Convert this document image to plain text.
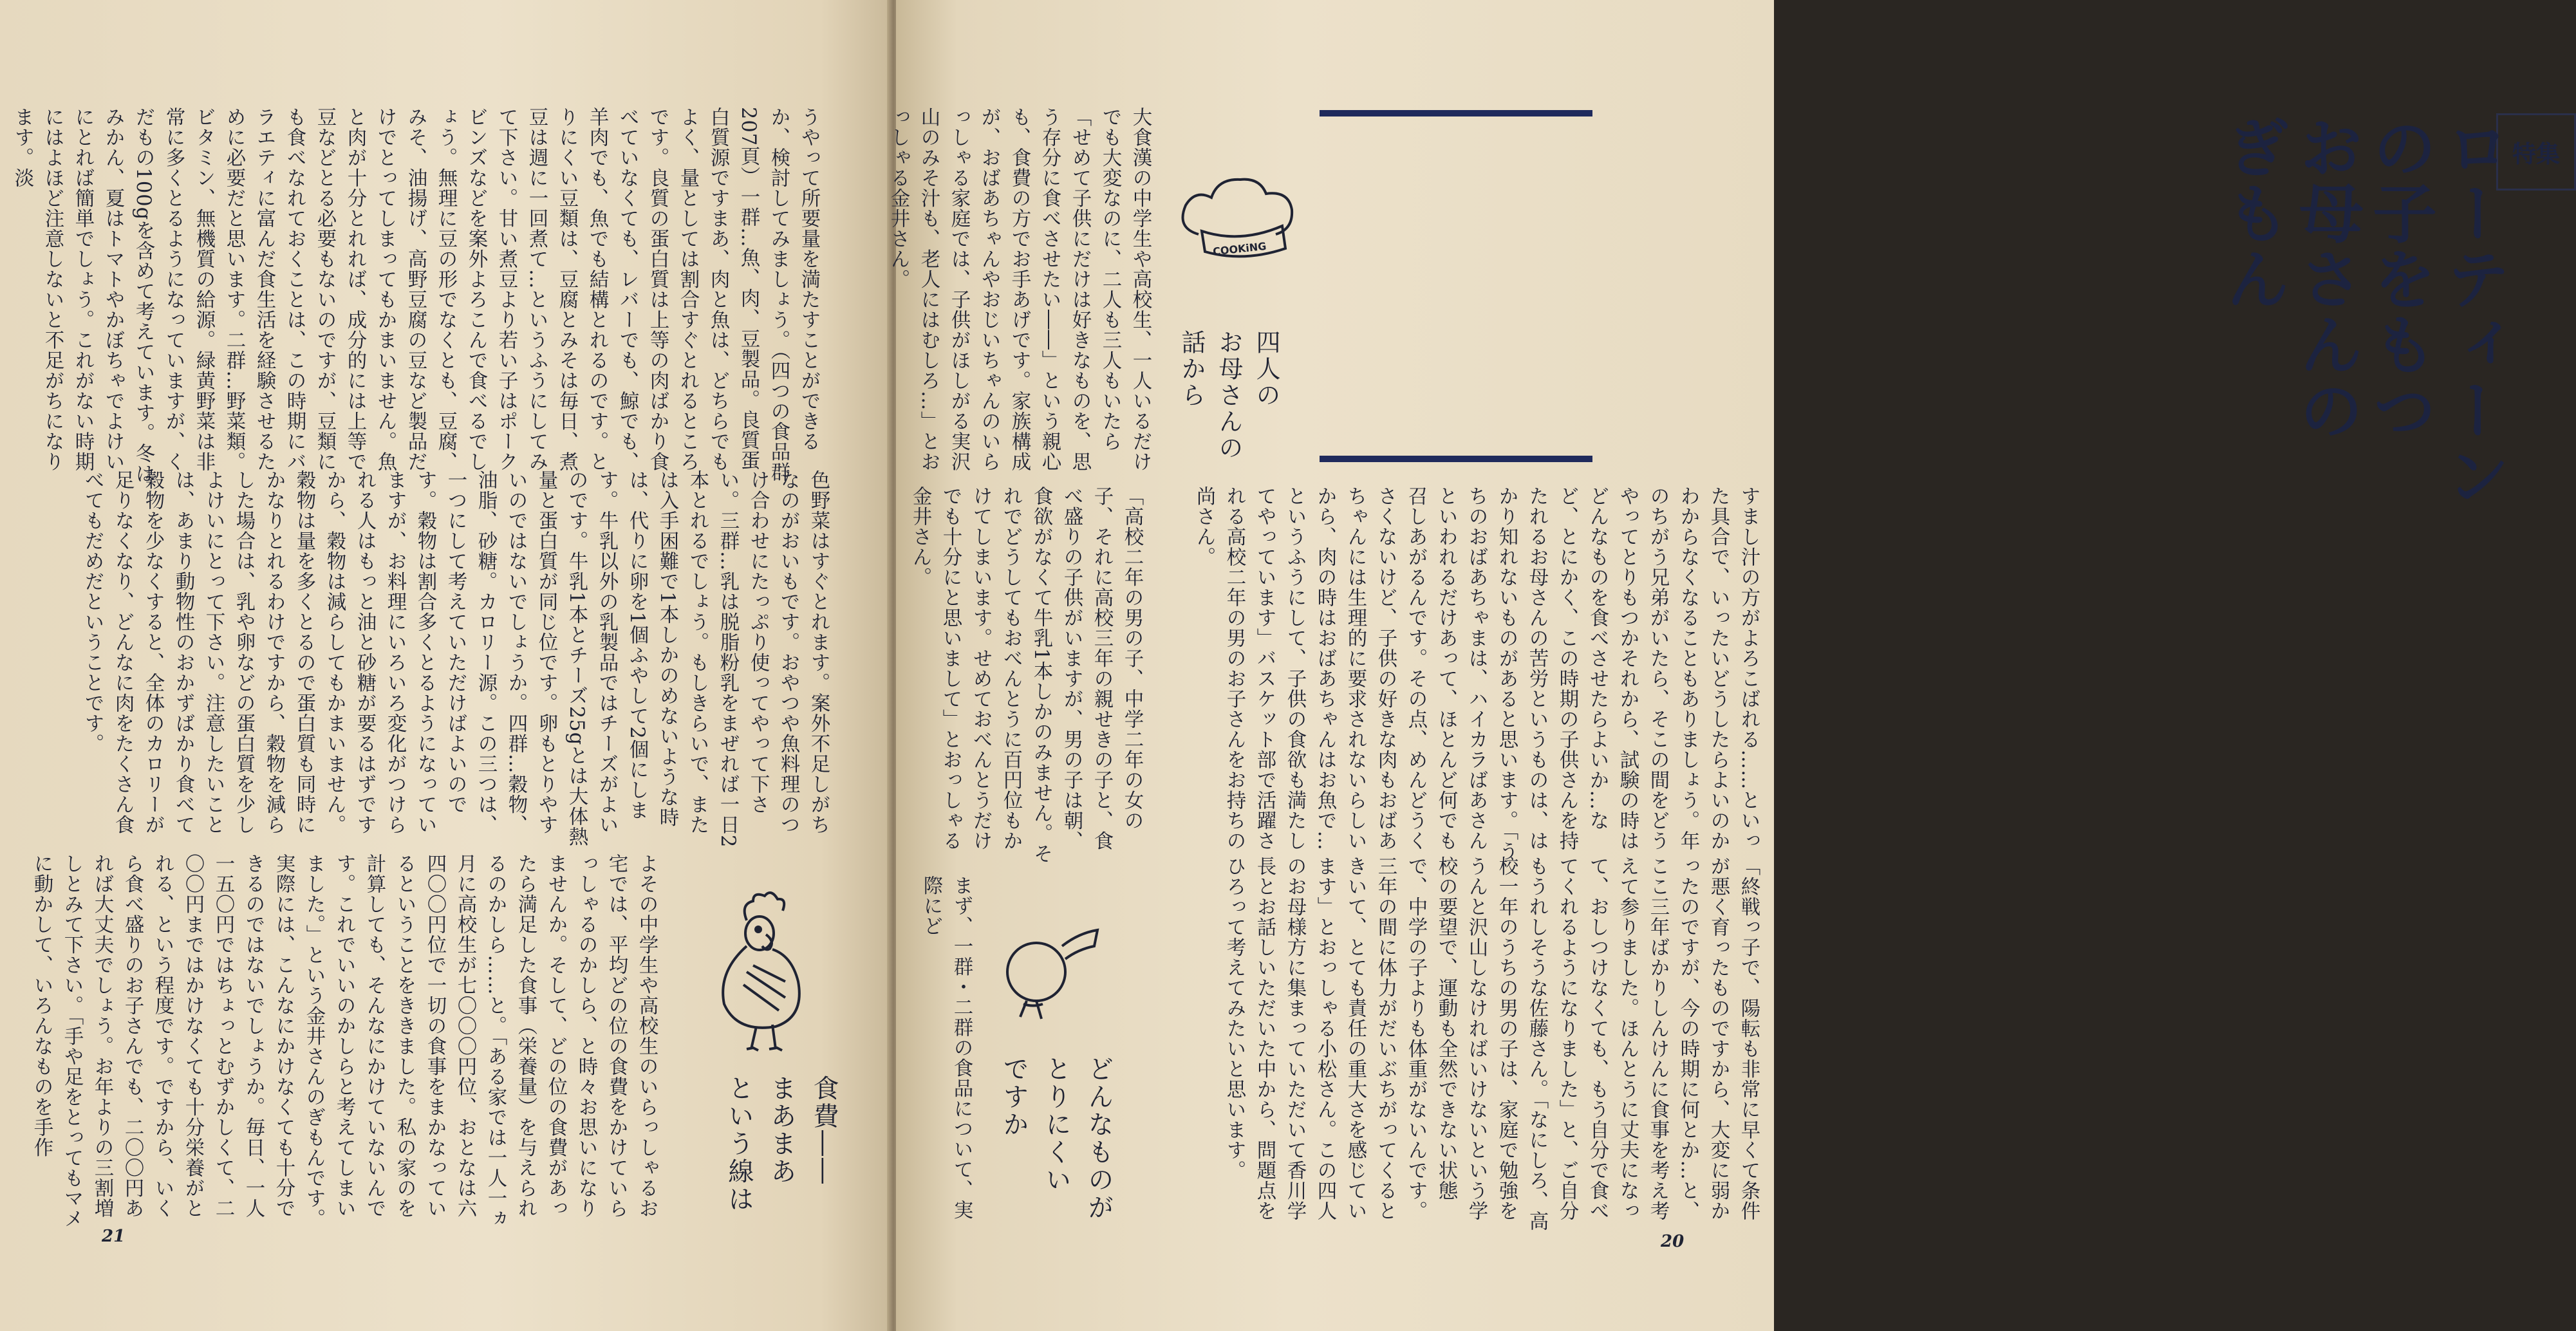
うやって所要量を満たすことができるか、検討してみましょう。（四つの食品群207頁）一群…魚、肉、豆製品。良質蛋白質源ですまあ、肉と魚は、どちらでもよく、量としては割合すぐとれるところです。良質の蛋白質は上等の肉ばかり食べていなくても、レバーでも、鯨でも、羊肉でも、魚でも結構とれるのです。とりにくい豆類は、豆腐とみそは毎日、煮豆は週に一回煮て…というふうにしてみて下さい。甘い煮豆より若い子はポークビンズなどを案外よろこんで食べるでしょう。無理に豆の形でなくとも、豆腐、みそ、油揚げ、高野豆腐の豆など製品だけでとってしまってもかまいません。魚と肉が十分とれれば、成分的には上等で豆などとる必要もないのですが、豆類にも食べなれておくことは、この時期にバラエティに富んだ食生活を経験させるために必要だと思います。二群…野菜類。ビタミン、無機質の給源。緑黄野菜は非常に多くとるようになっていますが、くだもの100gを含めて考えています。冬はみかん、夏はトマトやかぼちゃでよけいにとれば簡単でしょう。これがない時期にはよほど注意しないと不足がちになります。淡
色野菜はすぐとれます。案外不足しがちなのがおいもです。おやつや魚料理のつけ合わせにたっぷり使ってやって下さい。三群…乳は脱脂粉乳をまぜれば一日2本とれるでしょう。もしきらいで、または入手困難で1本しかのめないような時は、代りに卵を1個ふやして2個にします。牛乳以外の乳製品ではチーズがよいのです。牛乳1本とチーズ25gとは大体熱量と蛋白質が同じ位です。卵もとりやすいのではないでしょうか。四群…穀物、油脂、砂糖。カロリー源。この三つは、一つにして考えていただけばよいのです。穀物は割合多くとるようになっていますが、お料理にいろいろ変化がつけられる人はもっと油と砂糖が要るはずですから、穀物は減らしてもかまいません。穀物は量を多くとるので蛋白質も同時にかなりとれるわけですから、穀物を減らした場合は、乳や卵などの蛋白質を少しよけいにとって下さい。注意したいことは、あまり動物性のおかずばかり食べて穀物を少なくすると、全体のカロリーが足りなくなり、どんなに肉をたくさん食べてもだめだということです。
食費――
まあまあ
という線は
よその中学生や高校生のいらっしゃるお宅では、平均どの位の食費をかけていらっしゃるのかしら、と時々お思いになりませんか。そして、どの位の食費があったら満足した食事（栄養量）を与えられるのかしら……と。「ある家では一人一ヵ月に高校生が七〇〇〇円位、おとなは六四〇〇円位で一切の食事をまかなっているということをききました。私の家のを計算しても、そんなにかけていないんです。これでいいのかしらと考えてしまいました。」という金井さんのぎもんです。実際には、こんなにかけなくても十分できるのではないでしょうか。毎日、一人一五〇円ではちょっとむずかしくて、二〇〇円まではかけなくても十分栄養がとれる、という程度です。ですから、いくら食べ盛りのお子さんでも、二〇〇円あれば大丈夫でしょう。お年よりの三割増しとみて下さい。「手や足をとってもマメに動かして、いろんなものを手作
21
特集
ローティーン
の子をもつ
お母さんの
ぎもん
COOKiNG
四人の
お母さんの
話から
大食漢の中学生や高校生、一人いるだけでも大変なのに、二人も三人もいたら「せめて子供にだけは好きなものを、思う存分に食べさせたい――」という親心も、食費の方でお手あげです。家族構成が、おばあちゃんやおじいちゃんのいらっしゃる家庭では、子供がほしがる実沢山のみそ汁も、老人にはむしろ…」とおっしゃる金井さん。
「高校二年の男の子、中学二年の女の子、それに高校三年の親せきの子と、食べ盛りの子供がいますが、男の子は朝、食欲がなくて牛乳1本しかのみません。それでどうしてもおべんとうに百円位もかけてしまいます。せめておべんとうだけでも十分にと思いまして」とおっしゃる金井さん。	すまし汁の方がよろこばれる……といった具合で、いったいどうしたらよいのかわからなくなることもありましょう。年のちがう兄弟がいたら、そこの間をどうやってとりもつかそれから、試験の時はどんなものを食べさせたらよいか…など、とにかく、この時期の子供さんを持たれるお母さんの苦労というものは、はかり知れないものがあると思います。「うちのおばあちゃまは、ハイカラばあさんといわれるだけあって、ほとんど何でも召しあがるんです。その点、めんどうくさくないけど、子供の好きな肉もおばあちゃんには生理的に要求されないらしいから、肉の時はおばあちゃんはお魚で…というふうにして、子供の食欲も満たしてやっています」バスケット部で活躍される高校二年の男のお子さんをお持ちの尚さん。
「終戦っ子で、陽転も非常に早くて条件が悪く育ったものですから、大変に弱かったのですが、今の時期に何とか…と、ここ三年ばかりしんけんに食事を考え考えて参りました。ほんとうに丈夫になって、おしつけなくても、もう自分で食べてくれるようになりました」と、ご自分もうれしそうな佐藤さん。「なにしろ、高校一年のうちの男の子は、家庭で勉強をうんと沢山しなければいけないという学校の要望で、運動も全然できない状態で、中学の子よりも体重がないんです。三年の間に体力がだいぶちがってくるときいて、とても責任の重大さを感じています」とおっしゃる小松さん。この四人のお母様方に集まっていただいて香川学長とお話しいただいた中から、問題点をひろって考えてみたいと思います。
どんなものが
とりにくい
ですか
まず、一群・二群の食品について、実際にど
20
